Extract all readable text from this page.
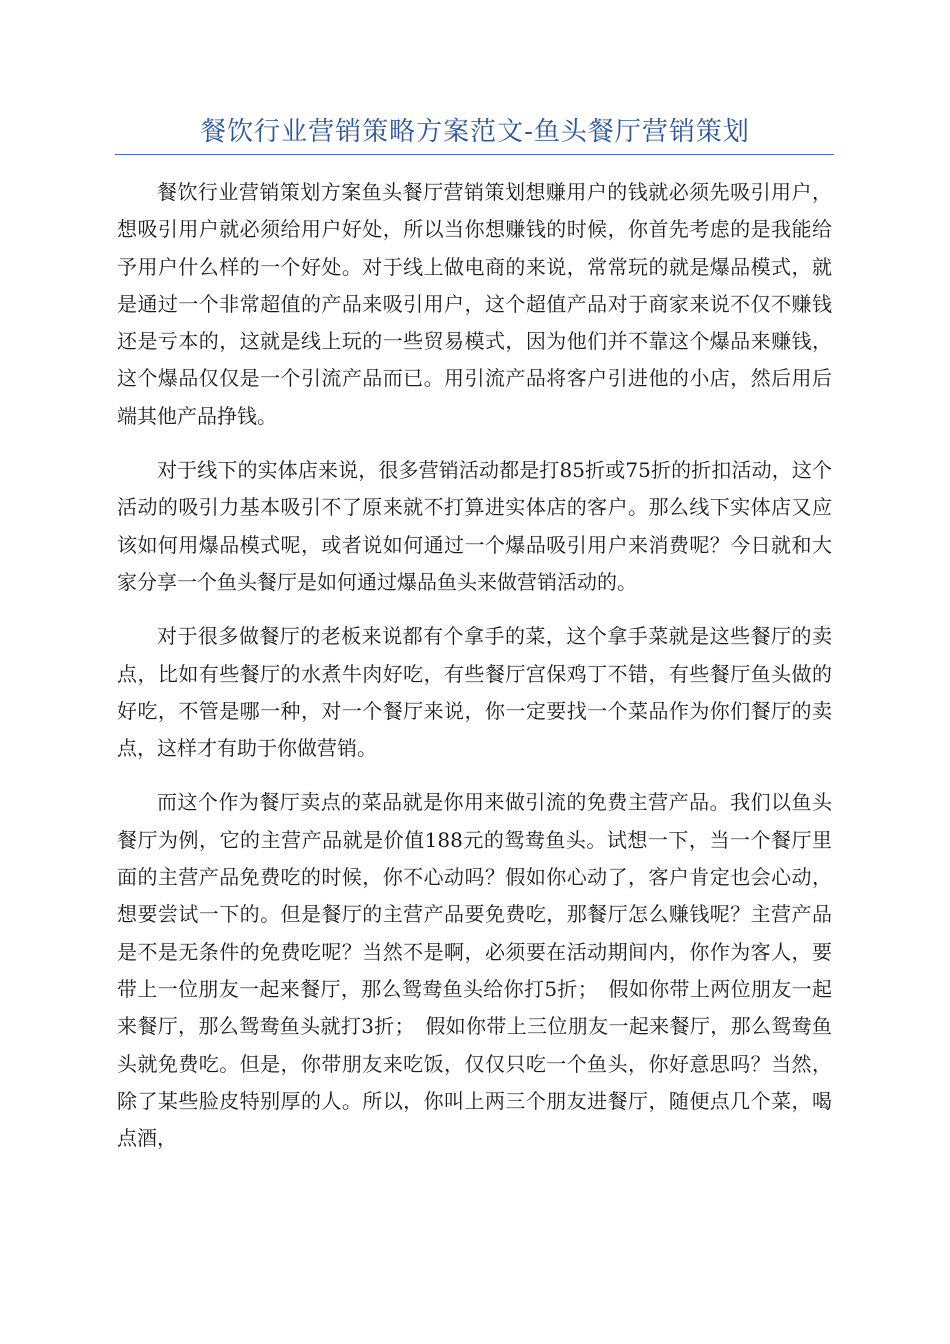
餐饮行业营销策略方案范文-鱼头餐厅营销策划

餐饮行业营销策划方案鱼头餐厅营销策划想赚用户的钱就必须先吸引用户，想吸引用户就必须给用户好处，所以当你想赚钱的时候，你首先考虑的是我能给予用户什么样的一个好处。对于线上做电商的来说，常常玩的就是爆品模式，就是通过一个非常超值的产品来吸引用户，这个超值产品对于商家来说不仅不赚钱还是亏本的，这就是线上玩的一些贸易模式，因为他们并不靠这个爆品来赚钱，这个爆品仅仅是一个引流产品而已。用引流产品将客户引进他的小店，然后用后端其他产品挣钱。

对于线下的实体店来说，很多营销活动都是打85折或75折的折扣活动，这个活动的吸引力基本吸引不了原来就不打算进实体店的客户。那么线下实体店又应该如何用爆品模式呢，或者说如何通过一个爆品吸引用户来消费呢？今日就和大家分享一个鱼头餐厅是如何通过爆品鱼头来做营销活动的。

对于很多做餐厅的老板来说都有个拿手的菜，这个拿手菜就是这些餐厅的卖点，比如有些餐厅的水煮牛肉好吃，有些餐厅宫保鸡丁不错，有些餐厅鱼头做的好吃，不管是哪一种，对一个餐厅来说，你一定要找一个菜品作为你们餐厅的卖点，这样才有助于你做营销。

而这个作为餐厅卖点的菜品就是你用来做引流的免费主营产品。我们以鱼头餐厅为例，它的主营产品就是价值188元的鸳鸯鱼头。试想一下，当一个餐厅里面的主营产品免费吃的时候，你不心动吗？假如你心动了，客户肯定也会心动，想要尝试一下的。但是餐厅的主营产品要免费吃，那餐厅怎么赚钱呢？主营产品是不是无条件的免费吃呢？当然不是啊，必须要在活动期间内，你作为客人，要带上一位朋友一起来餐厅，那么鸳鸯鱼头给你打5折；　假如你带上两位朋友一起来餐厅，那么鸳鸯鱼头就打3折；　假如你带上三位朋友一起来餐厅，那么鸳鸯鱼头就免费吃。但是，你带朋友来吃饭，仅仅只吃一个鱼头，你好意思吗？当然，除了某些脸皮特别厚的人。所以，你叫上两三个朋友进餐厅，随便点几个菜，喝点酒，
